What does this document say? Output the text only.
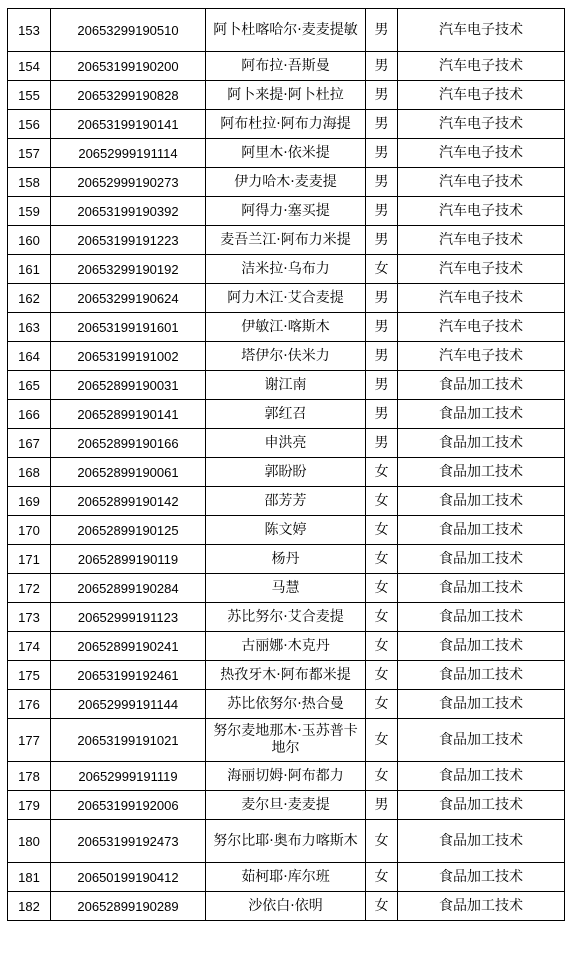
153	20653299190510	阿卜杜喀哈尔·麦麦提敏	男	汽车电子技术
154	20653199190200	阿布拉·吾斯曼	男	汽车电子技术
155	20653299190828	阿卜来提·阿卜杜拉	男	汽车电子技术
156	20653199190141	阿布杜拉·阿布力海提	男	汽车电子技术
157	20652999191114	阿里木·依米提	男	汽车电子技术
158	20652999190273	伊力哈木·麦麦提	男	汽车电子技术
159	20653199190392	阿得力·塞买提	男	汽车电子技术
160	20653199191223	麦吾兰江·阿布力米提	男	汽车电子技术
161	20653299190192	洁米拉·乌布力	女	汽车电子技术
162	20653299190624	阿力木江·艾合麦提	男	汽车电子技术
163	20653199191601	伊敏江·喀斯木	男	汽车电子技术
164	20653199191002	塔伊尔·伕米力	男	汽车电子技术
165	20652899190031	谢江南	男	食品加工技术
166	20652899190141	郭红召	男	食品加工技术
167	20652899190166	申洪亮	男	食品加工技术
168	20652899190061	郭盼盼	女	食品加工技术
169	20652899190142	邵芳芳	女	食品加工技术
170	20652899190125	陈文婷	女	食品加工技术
171	20652899190119	杨丹	女	食品加工技术
172	20652899190284	马慧	女	食品加工技术
173	20652999191123	苏比努尔·艾合麦提	女	食品加工技术
174	20652899190241	古丽娜·木克丹	女	食品加工技术
175	20653199192461	热孜牙木·阿布都米提	女	食品加工技术
176	20652999191144	苏比依努尔·热合曼	女	食品加工技术
177	20653199191021	努尔麦地那木·玉苏普卡地尔	女	食品加工技术
178	20652999191119	海丽切姆·阿布都力	女	食品加工技术
179	20653199192006	麦尔旦·麦麦提	男	食品加工技术
180	20653199192473	努尔比耶·奥布力喀斯木	女	食品加工技术
181	20650199190412	茹柯耶·库尔班	女	食品加工技术
182	20652899190289	沙依白·依明	女	食品加工技术
